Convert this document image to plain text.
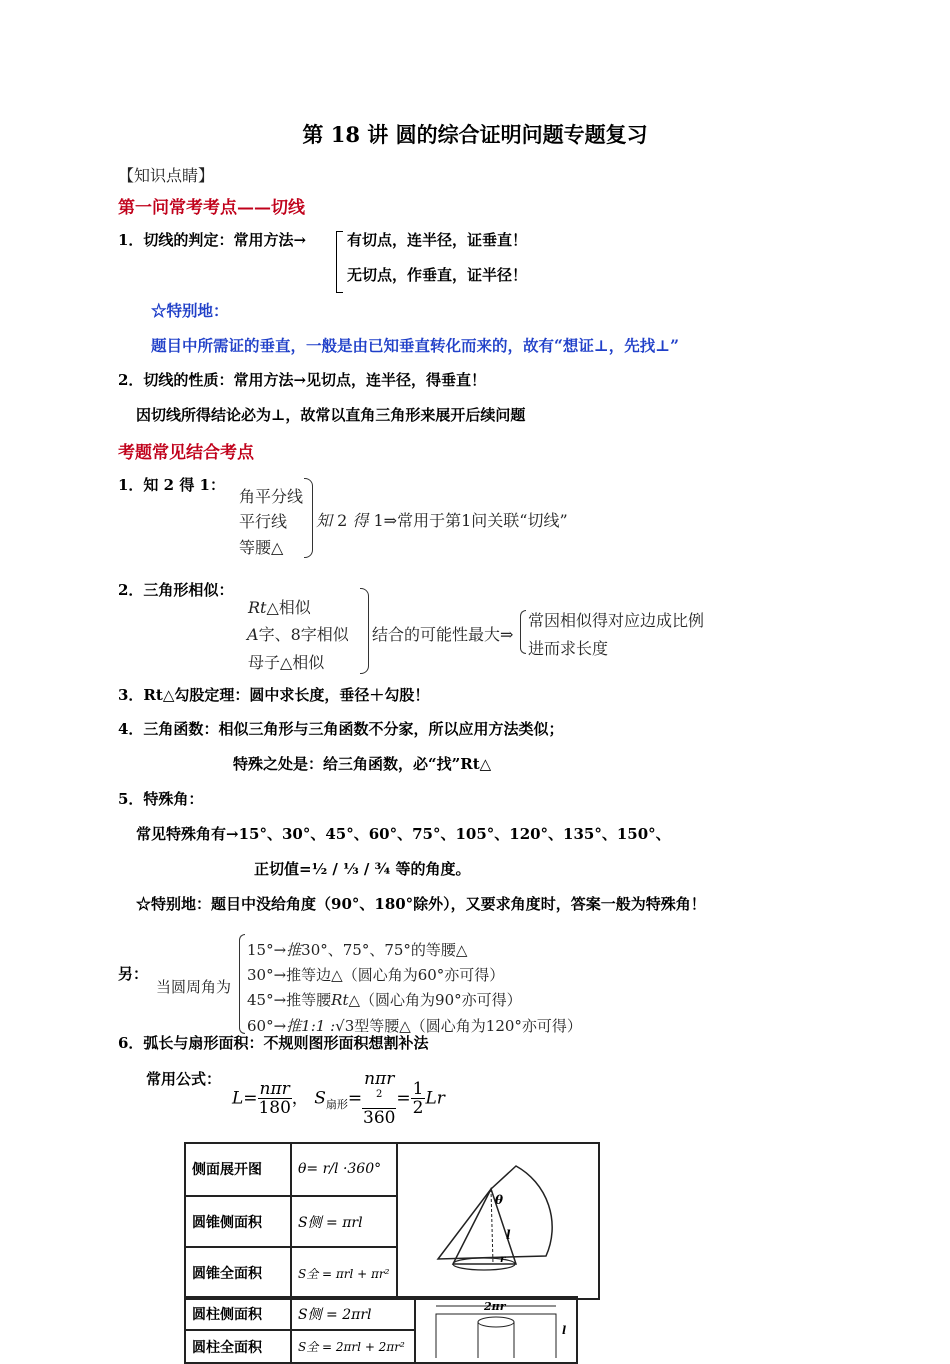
第 18 讲 圆的综合证明问题专题复习
【知识点睛】
第一问常考考点——切线
1．切线的判定：常用方法→	有切点，连半径，证垂直！
无切点，作垂直，证半径！
☆特别地：
题目中所需证的垂直，一般是由已知垂直转化而来的，故有“想证⊥，先找⊥”
2．切线的性质：常用方法→见切点，连半径，得垂直！
因切线所得结论必为⊥，故常以直角三角形来展开后续问题
考题常见结合考点
1．知 2 得 1：
角平分线
平行线
等腰△
知 2 得 1⇒常用于第1问关联“切线”
2．三角形相似：
Rt△相似
A字、8字相似
母子△相似
结合的可能性最大⇒
常因相似得对应边成比例
进而求长度
3．Rt△勾股定理：圆中求长度，垂径＋勾股！
4．三角函数：相似三角形与三角函数不分家，所以应用方法类似；
特殊之处是：给三角函数，必“找”Rt△
5．特殊角：
常见特殊角有→15°、30°、45°、60°、75°、105°、120°、135°、150°、
正切值=½ / ⅓ / ¾ 等的角度。
☆特别地：题目中没给角度（90°、180°除外），又要求角度时，答案一般为特殊角！
另：
当圆周角为
15°→推30°、75°、75°的等腰△
30°→推等边△（圆心角为60°亦可得）
45°→推等腰Rt△（圆心角为90°亦可得）
60°→推1:1 :√3型等腰△（圆心角为120°亦可得）
6．弧长与扇形面积：不规则图形面积想割补法
常用公式：
$L= \frac{\text{nπr}}{180}$ ， $S_{扇形}= n\pi r$
$^2$
$360 = \frac{1}{2}$ Lr
侧面展开图	θ= r/l ·360°	θ
l
r

圆锥侧面积	S侧 = πrl	
圆锥全面积	S全 = πrl + πr²	
圆柱侧面积	S侧 = 2πrl	2πr
l

圆柱全面积	S全 = 2πrl + 2πr²	
